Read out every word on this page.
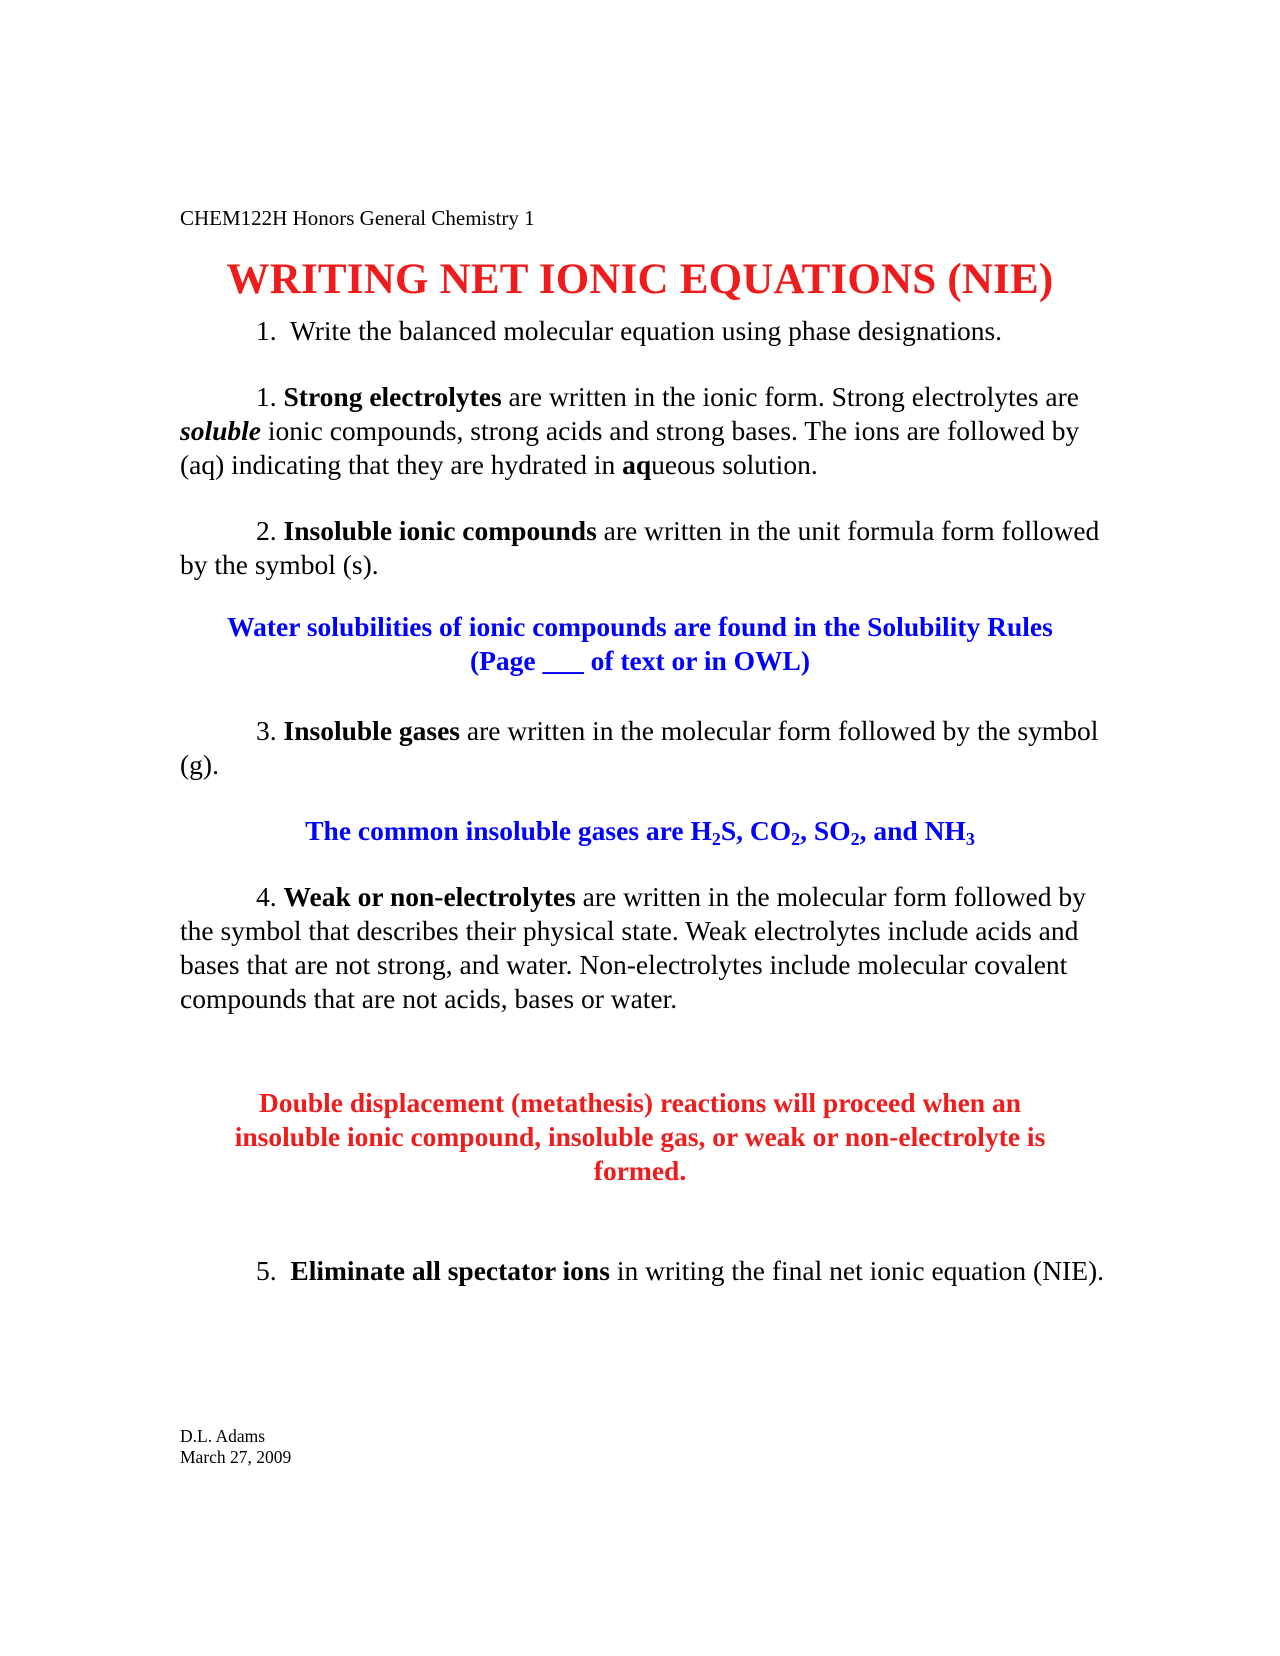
CHEM122H Honors General Chemistry 1
WRITING NET IONIC EQUATIONS (NIE)
1. Write the balanced molecular equation using phase designations.
1. Strong electrolytes are written in the ionic form. Strong electrolytes are soluble ionic compounds, strong acids and strong bases. The ions are followed by (aq) indicating that they are hydrated in aqueous solution.
2. Insoluble ionic compounds are written in the unit formula form followed by the symbol (s).
Water solubilities of ionic compounds are found in the Solubility Rules
(Page ___ of text or in OWL)
3. Insoluble gases are written in the molecular form followed by the symbol (g).
The common insoluble gases are $H_2S$, $CO_2$, $SO_2$, and $NH_3$
4. Weak or non-electrolytes are written in the molecular form followed by the symbol that describes their physical state. Weak electrolytes include acids and bases that are not strong, and water. Non-electrolytes include molecular covalent compounds that are not acids, bases or water.
Double displacement (metathesis) reactions will proceed when an
insoluble ionic compound, insoluble gas, or weak or non-electrolyte is
formed.
5. Eliminate all spectator ions in writing the final net ionic equation (NIE).
D.L. Adams
March 27, 2009
